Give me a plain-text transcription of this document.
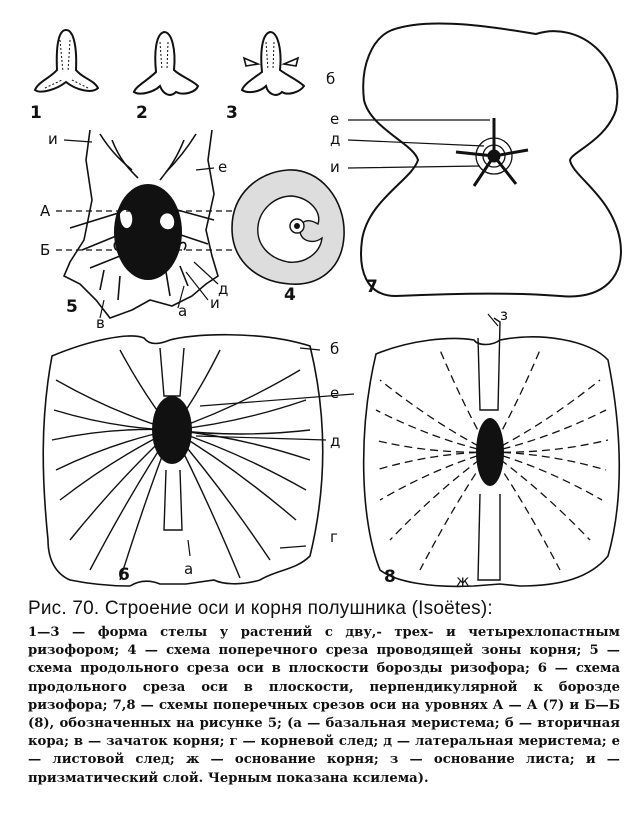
1	2	3
и
е
А
Б
д
и
в
а
5
4
б
е
д
и
7
б
е
д
а
г
6
з
ж
8
Рис. 70. Строение оси и корня полушника (Isoëtes):
1—3 — форма стелы у растений с дву,- трех- и четырехлопастным ризофором; 4 — схема поперечного среза проводящей зоны корня; 5 — схема продольного среза оси в плоскости борозды ризофора; 6 — схема продольного среза оси в плоскости, перпендикулярной к борозде ризофора; 7,8 — схемы поперечных срезов оси на уровнях А — А (7) и Б—Б (8), обозначенных на рисунке 5; (а — базальная меристема; б — вторичная кора; в — зачаток корня; г — корневой след; д — латеральная меристема; е — листовой след; ж — основание корня; з — основание листа; и — призматический слой. Черным показана ксилема).
